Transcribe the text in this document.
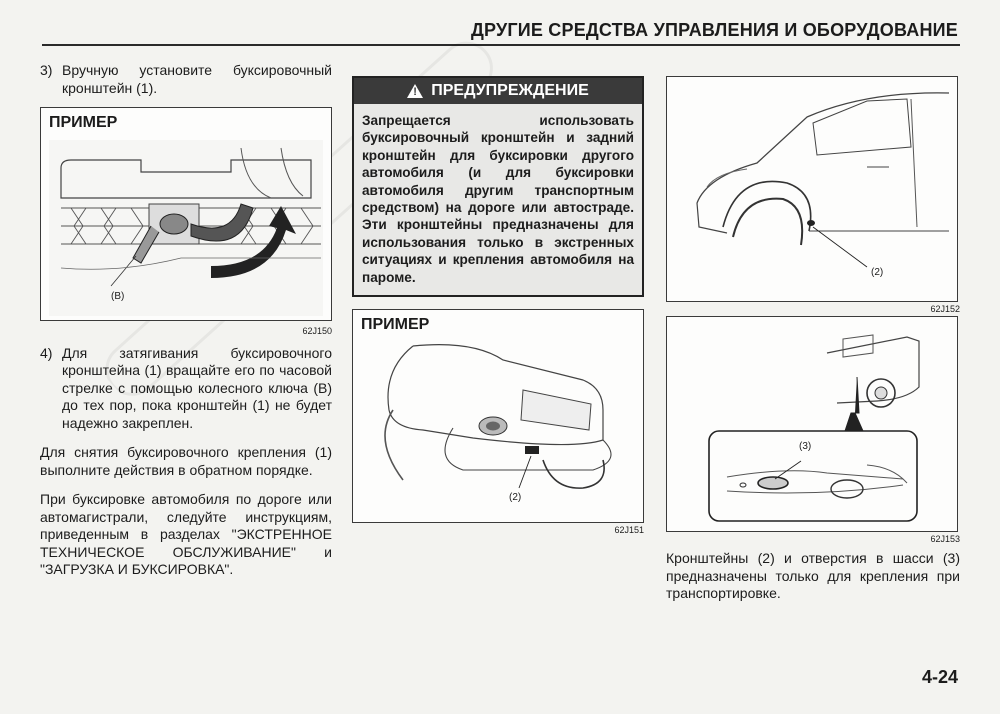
ДРУГИЕ СРЕДСТВА УПРАВЛЕНИЯ И ОБОРУДОВАНИЕ
3) Вручную установите буксировочный кронштейн (1).
ПРИМЕР
(B)
62J150
4) Для затягивания буксировочного кронштейна (1) вращайте его по часовой стрелке с помощью колесного ключа (B) до тех пор, пока кронштейн (1) не будет надежно закреплен.

Для снятия буксировочного крепления (1) выполните действия в обратном порядке.

При буксировке автомобиля по дороге или автомагистрали, следуйте инструкциям, приведенным в разделах "ЭКСТРЕННОЕ ТЕХНИЧЕСКОЕ ОБСЛУЖИВАНИЕ" и "ЗАГРУЗКА И БУКСИРОВКА".

! ПРЕДУПРЕЖДЕНИЕ
Запрещается использовать буксировочный кронштейн и задний кронштейн для буксировки другого автомобиля (и для буксировки автомобиля другим транспортным средством) на дороге или автостраде. Эти кронштейны предназначены для использования только в экстренных ситуациях и крепления автомобиля на пароме.
ПРИМЕР
(2)
62J151
(2)
62J152
(3)
62J153

Кронштейны (2) и отверстия в шасси (3) предназначены только для крепления при транспортировке.

4-24
